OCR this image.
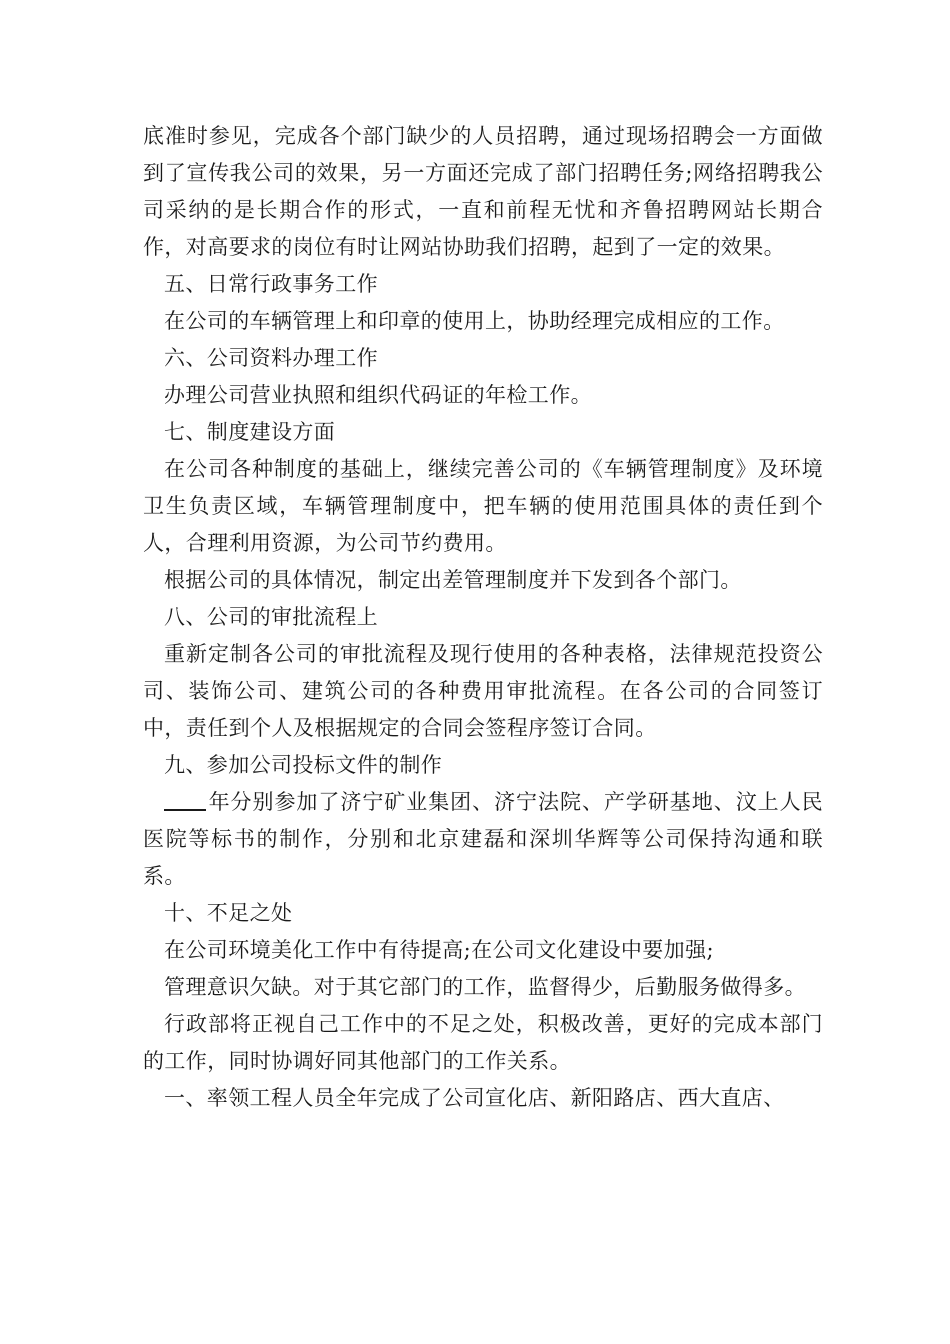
底准时参见，完成各个部门缺少的人员招聘，通过现场招聘会一方面做到了宣传我公司的效果，另一方面还完成了部门招聘任务;网络招聘我公司采纳的是长期合作的形式，一直和前程无忧和齐鲁招聘网站长期合作，对高要求的岗位有时让网站协助我们招聘，起到了一定的效果。

五、日常行政事务工作

在公司的车辆管理上和印章的使用上，协助经理完成相应的工作。

六、公司资料办理工作

办理公司营业执照和组织代码证的年检工作。

七、制度建设方面

在公司各种制度的基础上，继续完善公司的《车辆管理制度》及环境卫生负责区域，车辆管理制度中，把车辆的使用范围具体的责任到个人，合理利用资源，为公司节约费用。

根据公司的具体情况，制定出差管理制度并下发到各个部门。

八、公司的审批流程上

重新定制各公司的审批流程及现行使用的各种表格，法律规范投资公司、装饰公司、建筑公司的各种费用审批流程。在各公司的合同签订中，责任到个人及根据规定的合同会签程序签订合同。

九、参加公司投标文件的制作

年分别参加了济宁矿业集团、济宁法院、产学研基地、汶上人民医院等标书的制作，分别和北京建磊和深圳华辉等公司保持沟通和联系。

十、不足之处

在公司环境美化工作中有待提高;在公司文化建设中要加强;

管理意识欠缺。对于其它部门的工作，监督得少，后勤服务做得多。

行政部将正视自己工作中的不足之处，积极改善，更好的完成本部门的工作，同时协调好同其他部门的工作关系。

一、率领工程人员全年完成了公司宣化店、新阳路店、西大直店、
